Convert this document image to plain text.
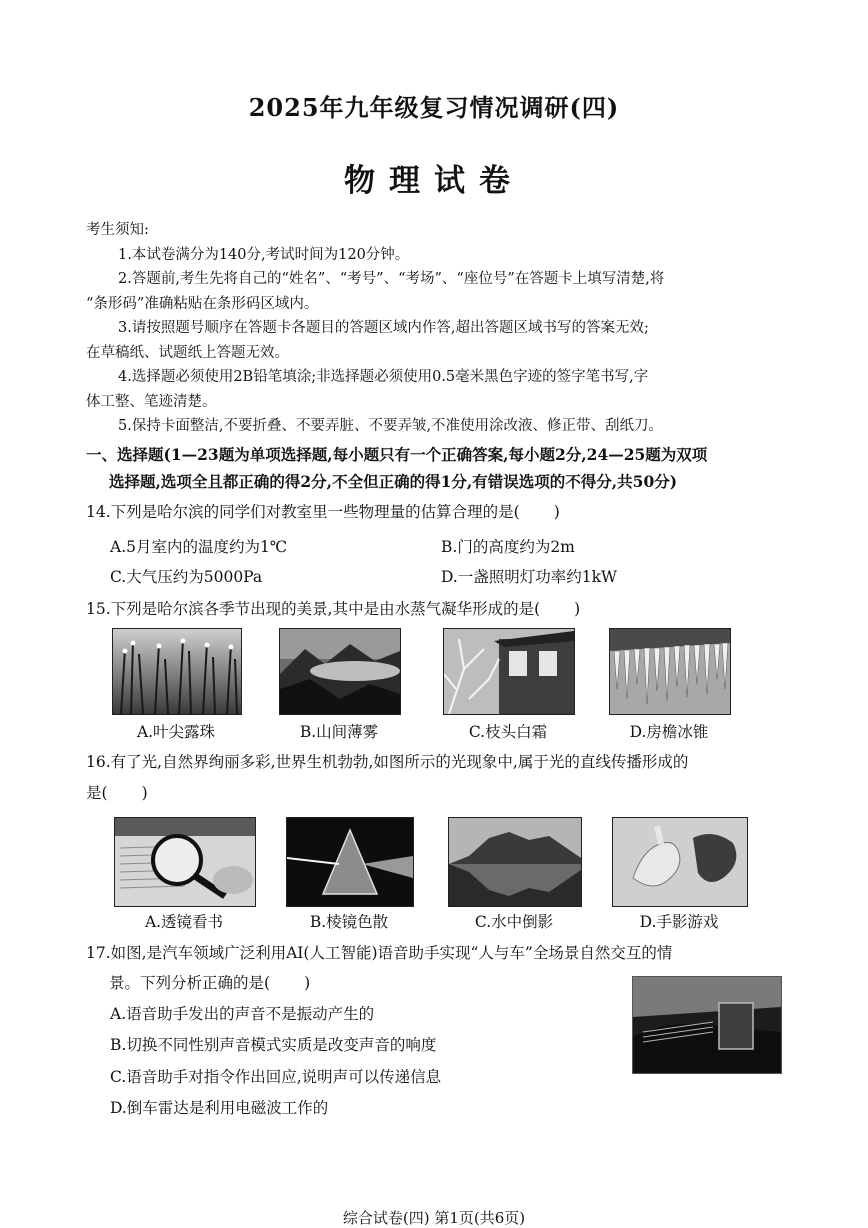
2025年九年级复习情况调研(四)
物理试卷

考生须知:

1.本试卷满分为140分,考试时间为120分钟。

2.答题前,考生先将自己的“姓名”、“考号”、“考场”、“座位号”在答题卡上填写清楚,将

“条形码”准确粘贴在条形码区域内。

3.请按照题号顺序在答题卡各题目的答题区域内作答,超出答题区域书写的答案无效;

在草稿纸、试题纸上答题无效。

4.选择题必须使用2B铅笔填涂;非选择题必须使用0.5毫米黑色字迹的签字笔书写,字

体工整、笔迹清楚。

5.保持卡面整洁,不要折叠、不要弄脏、不要弄皱,不准使用涂改液、修正带、刮纸刀。

一、选择题(1—23题为单项选择题,每小题只有一个正确答案,每小题2分,24—25题为双项
选择题,选项全且都正确的得2分,不全但正确的得1分,有错误选项的不得分,共50分)
14.下列是哈尔滨的同学们对教室里一些物理量的估算合理的是( )
A.5月室内的温度约为1℃	B.门的高度约为2m
C.大气压约为5000Pa	D.一盏照明灯功率约1kW
15.下列是哈尔滨各季节出现的美景,其中是由水蒸气凝华形成的是( )
A.叶尖露珠	B.山间薄雾	C.枝头白霜	D.房檐冰锥
16.有了光,自然界绚丽多彩,世界生机勃勃,如图所示的光现象中,属于光的直线传播形成的
是( )
A.透镜看书	B.棱镜色散	C.水中倒影	D.手影游戏
17.如图,是汽车领域广泛利用AI(人工智能)语音助手实现“人与车”全场景自然交互的情
景。下列分析正确的是( )
A.语音助手发出的声音不是振动产生的
B.切换不同性别声音模式实质是改变声音的响度
C.语音助手对指令作出回应,说明声可以传递信息
D.倒车雷达是利用电磁波工作的
综合试卷(四) 第1页(共6页)
